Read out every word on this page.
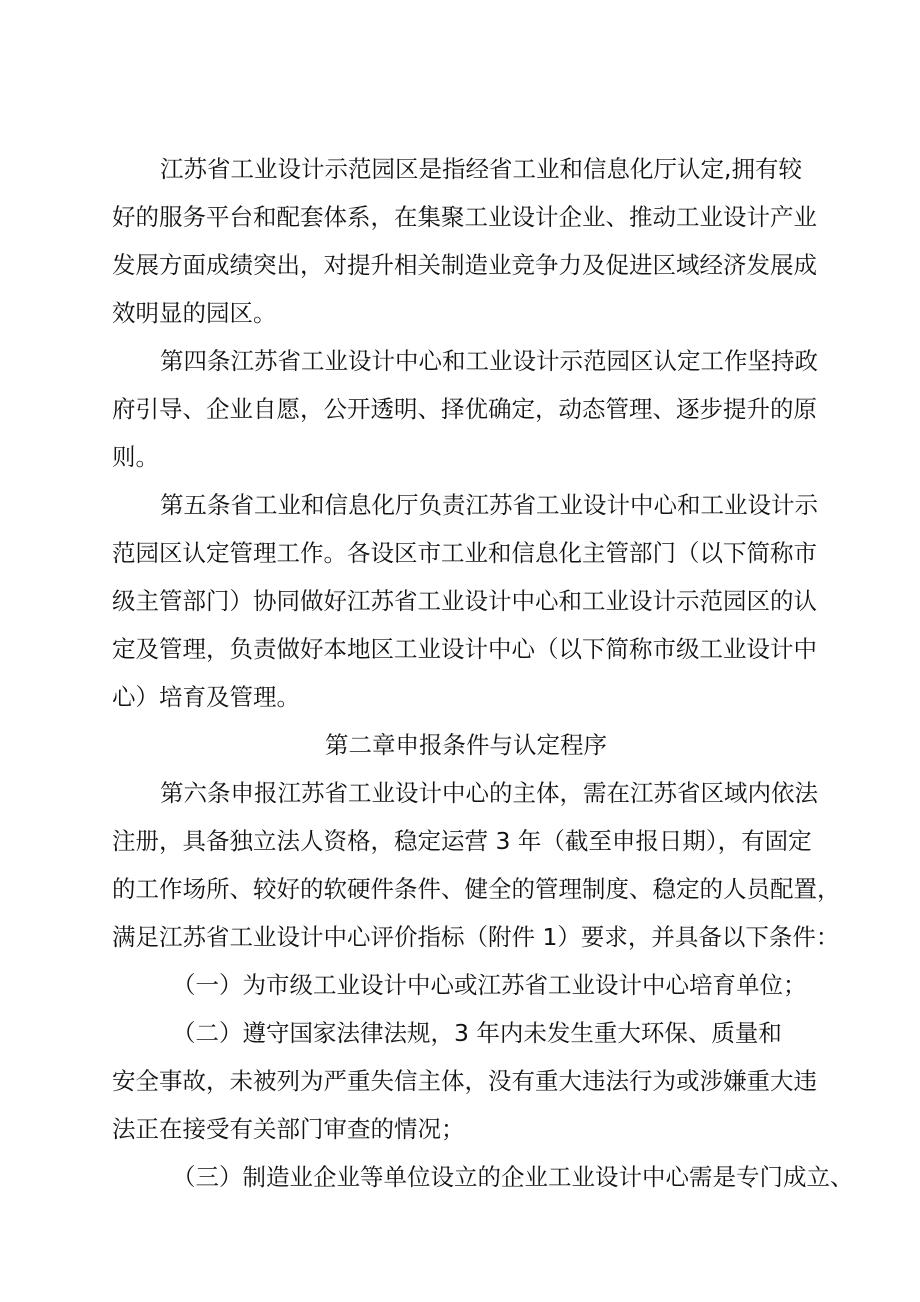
江苏省工业设计示范园区是指经省工业和信息化厅认定,拥有较
好的服务平台和配套体系，在集聚工业设计企业、推动工业设计产业
发展方面成绩突出，对提升相关制造业竞争力及促进区域经济发展成
效明显的园区。
第四条江苏省工业设计中心和工业设计示范园区认定工作坚持政
府引导、企业自愿，公开透明、择优确定，动态管理、逐步提升的原
则。
第五条省工业和信息化厅负责江苏省工业设计中心和工业设计示
范园区认定管理工作。各设区市工业和信息化主管部门（以下简称市
级主管部门）协同做好江苏省工业设计中心和工业设计示范园区的认
定及管理，负责做好本地区工业设计中心（以下简称市级工业设计中
心）培育及管理。
第二章申报条件与认定程序
第六条申报江苏省工业设计中心的主体，需在江苏省区域内依法
注册，具备独立法人资格，稳定运营 3 年（截至申报日期），有固定
的工作场所、较好的软硬件条件、健全的管理制度、稳定的人员配置，
满足江苏省工业设计中心评价指标（附件 1）要求，并具备以下条件：
（一）为市级工业设计中心或江苏省工业设计中心培育单位；
（二）遵守国家法律法规，3 年内未发生重大环保、质量和
安全事故，未被列为严重失信主体，没有重大违法行为或涉嫌重大违
法正在接受有关部门审查的情况；
（三）制造业企业等单位设立的企业工业设计中心需是专门成立、
